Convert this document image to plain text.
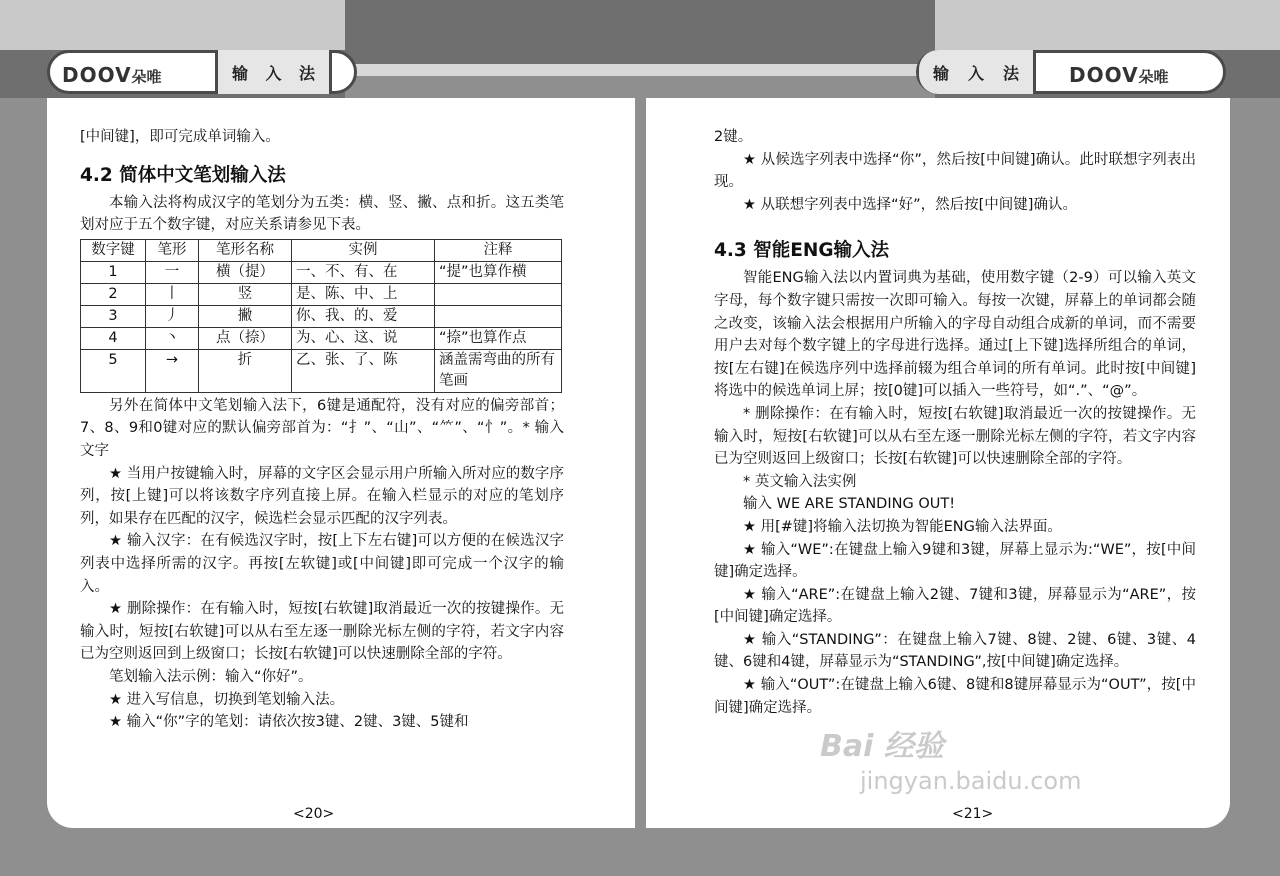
DOOV朵唯	输 入 法	输 入 法	DOOV朵唯

[中间键]，即可完成单词输入。

4.2 简体中文笔划输入法

本输入法将构成汉字的笔划分为五类：横、竖、撇、点和折。这五类笔划对应于五个数字键，对应关系请参见下表。

数字键	笔形	笔形名称	实例	注释
1	一	横（提）	一、不、有、在	“提”也算作横
2	丨	竖	是、陈、中、上	
3	丿	撇	你、我、的、爱	
4	丶	点（捺）	为、心、这、说	“捺”也算作点
5	→	折	乙、张、了、陈	涵盖需弯曲的所有笔画

另外在简体中文笔划输入法下，6键是通配符，没有对应的偏旁部首；7、8、9和0键对应的默认偏旁部首为：“扌”、“山”、“⺮”、“忄”。* 输入文字

★ 当用户按键输入时，屏幕的文字区会显示用户所输入所对应的数字序列，按[上键]可以将该数字序列直接上屏。在输入栏显示的对应的笔划序列，如果存在匹配的汉字，候选栏会显示匹配的汉字列表。

★ 输入汉字：在有候选汉字时，按[上下左右键]可以方便的在候选汉字列表中选择所需的汉字。再按[左软键]或[中间键]即可完成一个汉字的输入。

★ 删除操作：在有输入时，短按[右软键]取消最近一次的按键操作。无输入时，短按[右软键]可以从右至左逐一删除光标左侧的字符，若文字内容已为空则返回到上级窗口；长按[右软键]可以快速删除全部的字符。

笔划输入法示例：输入“你好”。

★ 进入写信息，切换到笔划输入法。

★ 输入“你”字的笔划：请依次按3键、2键、3键、5键和

2键。

★ 从候选字列表中选择“你”，然后按[中间键]确认。此时联想字列表出现。

★ 从联想字列表中选择“好”，然后按[中间键]确认。

4.3 智能ENG输入法

智能ENG输入法以内置词典为基础，使用数字键（2-9）可以输入英文字母，每个数字键只需按一次即可输入。每按一次键，屏幕上的单词都会随之改变，该输入法会根据用户所输入的字母自动组合成新的单词，而不需要用户去对每个数字键上的字母进行选择。通过[上下键]选择所组合的单词，按[左右键]在候选序列中选择前辍为组合单词的所有单词。此时按[中间键]将选中的候选单词上屏；按[0键]可以插入一些符号，如“.”、“@”。

* 删除操作：在有输入时，短按[右软键]取消最近一次的按键操作。无输入时，短按[右软键]可以从右至左逐一删除光标左侧的字符，若文字内容已为空则返回上级窗口；长按[右软键]可以快速删除全部的字符。

* 英文输入法实例

输入 WE ARE STANDING OUT!

★ 用[#键]将输入法切换为智能ENG输入法界面。

★ 输入“WE”:在键盘上输入9键和3键，屏幕上显示为:“WE”，按[中间键]确定选择。

★ 输入“ARE”:在键盘上输入2键、7键和3键，屏幕显示为“ARE”，按[中间键]确定选择。

★ 输入“STANDING”：在键盘上输入7键、8键、2键、6键、3键、4键、6键和4键，屏幕显示为“STANDING”,按[中间键]确定选择。

★ 输入“OUT”:在键盘上输入6键、8键和8键屏幕显示为“OUT”，按[中间键]确定选择。

<20>	<21>
Bai 经验
jingyan.baidu.com
